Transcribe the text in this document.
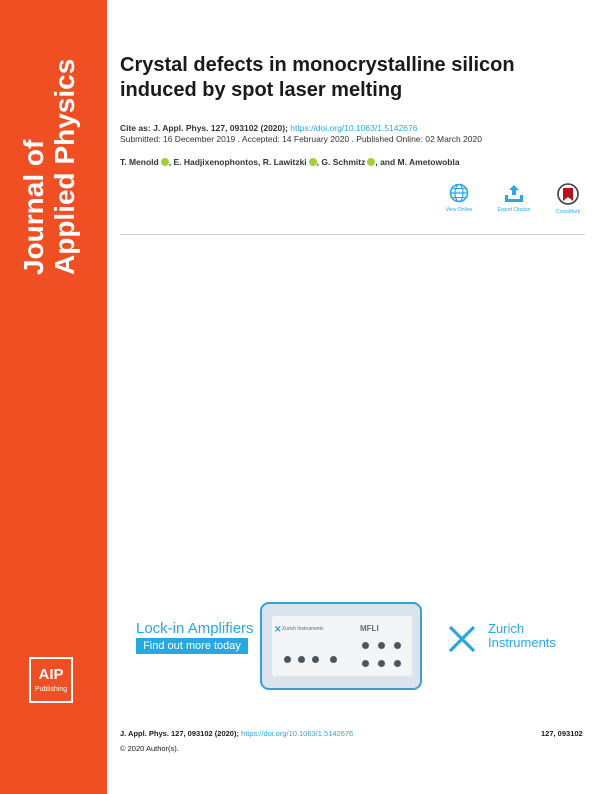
Journal of Applied Physics
AIP
Publishing
Crystal defects in monocrystalline silicon induced by spot laser melting
Cite as: J. Appl. Phys. 127, 093102 (2020); https://doi.org/10.1063/1.5142676
Submitted: 16 December 2019 . Accepted: 14 February 2020 . Published Online: 02 March 2020
T. Menold , E. Hadjixenophontos, R. Lawitzki , G. Schmitz , and M. Ametowobla
View Online	Export Citation	CrossMark
Lock-in Amplifiers
Find out more today
✕ Zurich Instruments	MFLI	Zurich
Instruments
J. Appl. Phys. 127, 093102 (2020); https://doi.org/10.1063/1.5142676	127, 093102
© 2020 Author(s).
